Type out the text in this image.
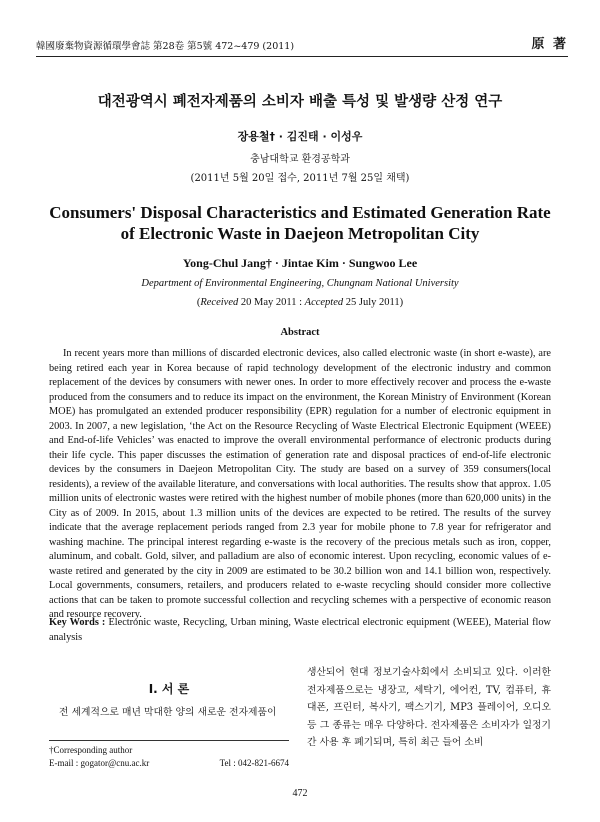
韓國廢棄物資源循環學會誌 第28卷 第5號 472~479 (2011)	原 著
대전광역시 폐전자제품의 소비자 배출 특성 및 발생량 산정 연구
장용철† · 김진태 · 이성우
충남대학교 환경공학과
(2011년 5월 20일 접수, 2011년 7월 25일 채택)
Consumers' Disposal Characteristics and Estimated Generation Rate
of Electronic Waste in Daejeon Metropolitan City
Yong-Chul Jang† · Jintae Kim · Sungwoo Lee
Department of Environmental Engineering, Chungnam National University
(Received 20 May 2011 : Accepted 25 July 2011)
Abstract
In recent years more than millions of discarded electronic devices, also called electronic waste (in short e-waste), are being retired each year in Korea because of rapid technology development of the electronic industry and common replacement of the devices by consumers with newer ones. In order to more effectively recover and process the e-waste produced from the consumers and to reduce its impact on the environment, the Korean Ministry of Environment (Korean MOE) has promulgated an extended producer responsibility (EPR) regulation for a number of electronic equipment in 2003. In 2007, a new legislation, ‘the Act on the Resource Recycling of Waste Electrical Electronic Equipment (WEEE) and End-of-life Vehicles’ was enacted to improve the overall environmental performance of electronic products during their life cycle. This paper discusses the estimation of generation rate and disposal practices of end-of-life electronic devices by the consumers in Daejeon Metropolitan City. The study are based on a survey of 359 consumers(local residents), a review of the available literature, and conversations with local authorities. The results show that approx. 1.05 million units of electronic wastes were retired with the highest number of mobile phones (more than 620,000 units) in the City as of 2009. In 2015, about 1.3 million units of the devices are expected to be retired. The results of the survey indicate that the average replacement periods ranged from 2.3 year for mobile phone to 7.8 year for refrigerator and washing machine. The principal interest regarding e-waste is the recovery of the precious metals such as iron, copper, aluminum, and cobalt. Gold, silver, and palladium are also of economic interest. Upon recycling, economic values of e-waste retired and generated by the city in 2009 are estimated to be 30.2 billion won and 14.1 billion won, respectively. Local governments, consumers, retailers, and producers related to e-waste recycling should consider more collective actions that can be taken to promote successful collection and recycling schemes with a perspective of economic reason and resource recovery.
Key Words : Electronic waste, Recycling, Urban mining, Waste electrical electronic equipment (WEEE), Material flow analysis
I. 서 론
전 세계적으로 매년 막대한 양의 새로운 전자제품이
†Corresponding author
E-mail : gogator@cnu.ac.kr	Tel : 042-821-6674
생산되어 현대 정보기술사회에서 소비되고 있다. 이러한 전자제품으로는 냉장고, 세탁기, 에어컨, TV, 컴퓨터, 휴대폰, 프린터, 복사기, 팩스기기, MP3 플레이어, 오디오 등 그 종류는 매우 다양하다. 전자제품은 소비자가 일정기간 사용 후 폐기되며, 특히 최근 들어 소비
472
